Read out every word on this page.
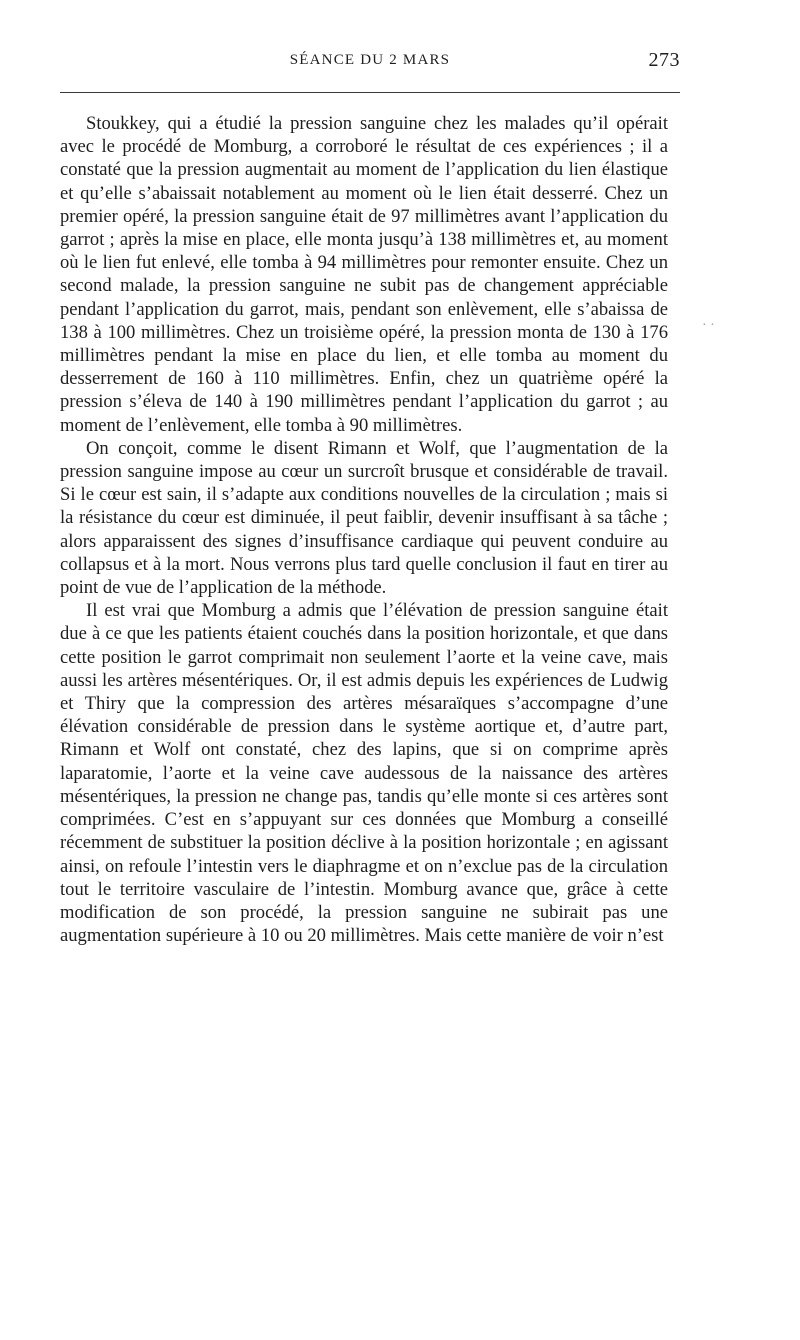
SÉANCE DU 2 MARS	273

Stoukkey, qui a étudié la pression sanguine chez les malades qu’il opérait avec le procédé de Momburg, a corroboré le résultat de ces expériences ; il a constaté que la pression augmentait au moment de l’application du lien élastique et qu’elle s’abaissait notablement au moment où le lien était desserré. Chez un premier opéré, la pression sanguine était de 97 millimètres avant l’application du garrot ; après la mise en place, elle monta jusqu’à 138 millimètres et, au moment où le lien fut enlevé, elle tomba à 94 millimètres pour remonter ensuite. Chez un second malade, la pression sanguine ne subit pas de changement appréciable pendant l’application du garrot, mais, pendant son enlèvement, elle s’abaissa de 138 à 100 millimètres. Chez un troisième opéré, la pression monta de 130 à 176 millimètres pendant la mise en place du lien, et elle tomba au moment du desserrement de 160 à 110 millimètres. Enfin, chez un quatrième opéré la pression s’éleva de 140 à 190 millimètres pendant l’application du garrot ; au moment de l’enlèvement, elle tomba à 90 millimètres.

On conçoit, comme le disent Rimann et Wolf, que l’augmentation de la pression sanguine impose au cœur un surcroît brusque et considérable de travail. Si le cœur est sain, il s’adapte aux conditions nouvelles de la circulation ; mais si la résistance du cœur est diminuée, il peut faiblir, devenir insuffisant à sa tâche ; alors apparaissent des signes d’insuffisance cardiaque qui peuvent conduire au collapsus et à la mort. Nous verrons plus tard quelle conclusion il faut en tirer au point de vue de l’application de la méthode.

Il est vrai que Momburg a admis que l’élévation de pression sanguine était due à ce que les patients étaient couchés dans la position horizontale, et que dans cette position le garrot comprimait non seulement l’aorte et la veine cave, mais aussi les artères mésentériques. Or, il est admis depuis les expériences de Ludwig et Thiry que la compression des artères mésaraïques s’accompagne d’une élévation considérable de pression dans le système aortique et, d’autre part, Rimann et Wolf ont constaté, chez des lapins, que si on comprime après laparatomie, l’aorte et la veine cave audessous de la naissance des artères mésentériques, la pression ne change pas, tandis qu’elle monte si ces artères sont comprimées. C’est en s’appuyant sur ces données que Momburg a conseillé récemment de substituer la position déclive à la position horizontale ; en agissant ainsi, on refoule l’intestin vers le diaphragme et on n’exclue pas de la circulation tout le territoire vasculaire de l’intestin. Momburg avance que, grâce à cette modification de son procédé, la pression sanguine ne subirait pas une augmentation supérieure à 10 ou 20 millimètres. Mais cette manière de voir n’est

· ·
